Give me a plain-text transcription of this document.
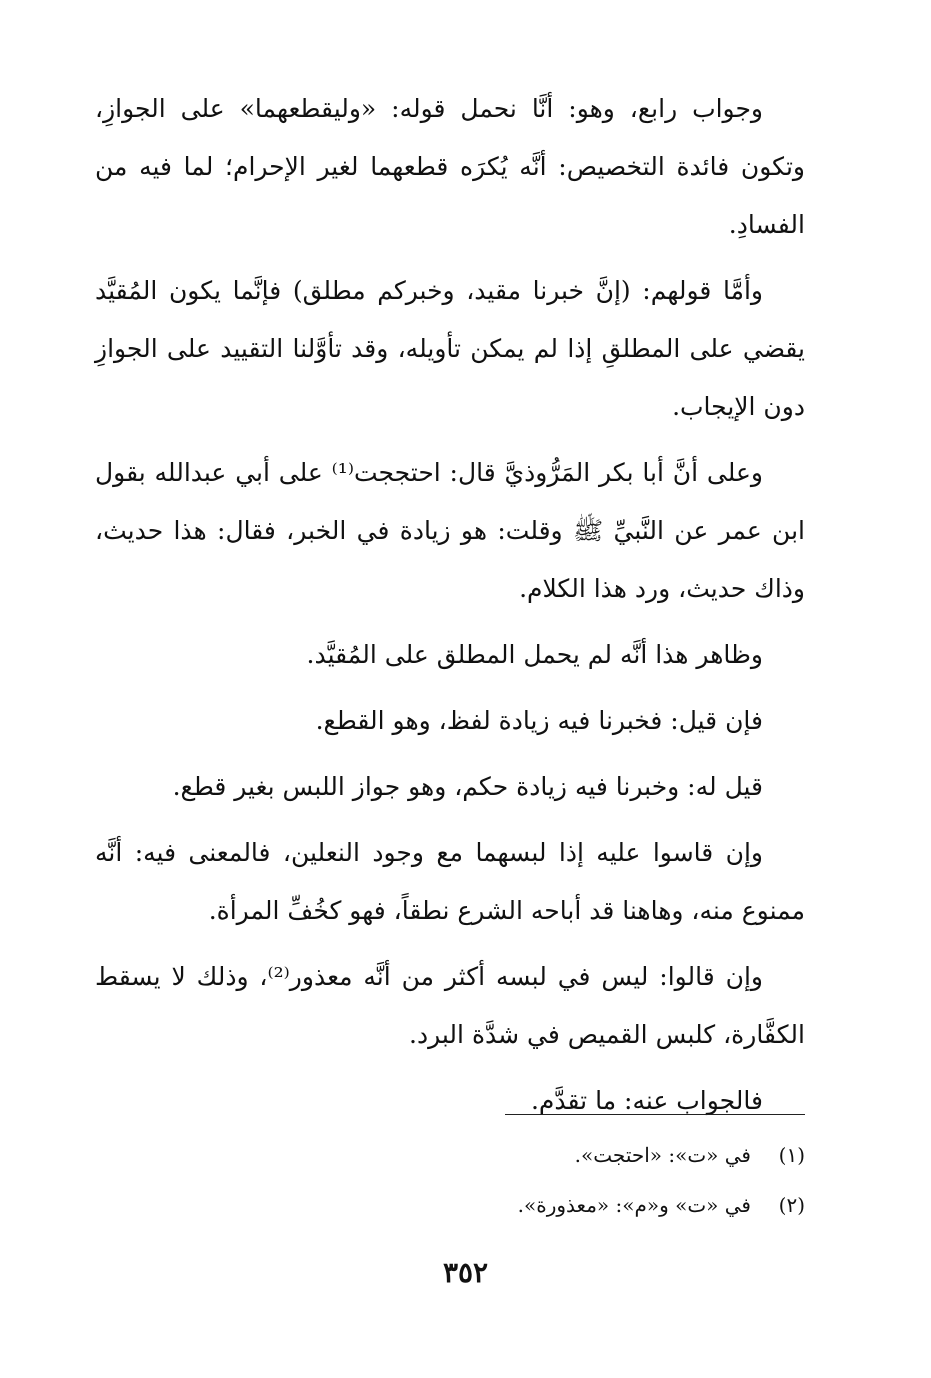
وجواب رابع، وهو: أنَّا نحمل قوله: «وليقطعهما» على الجوازِ، وتكون فائدة التخصيص: أنَّه يُكرَه قطعهما لغير الإحرام؛ لما فيه من الفسادِ.

وأمَّا قولهم: (إنَّ خبرنا مقيد، وخبركم مطلق) فإنَّما يكون المُقيَّد يقضي على المطلقِ إذا لم يمكن تأويله، وقد تأوَّلنا التقييد على الجوازِ دون الإيجاب.

وعلى أنَّ أبا بكر المَرُّوذيَّ قال: احتججت⁽¹⁾ على أبي عبدالله بقول ابن عمر عن النَّبيِّ ﷺ وقلت: هو زيادة في الخبر، فقال: هذا حديث، وذاك حديث، ورد هذا الكلام.

وظاهر هذا أنَّه لم يحمل المطلق على المُقيَّد.

فإن قيل: فخبرنا فيه زيادة لفظ، وهو القطع.

قيل له: وخبرنا فيه زيادة حكم، وهو جواز اللبس بغير قطع.

وإن قاسوا عليه إذا لبسهما مع وجود النعلين، فالمعنى فيه: أنَّه ممنوع منه، وهاهنا قد أباحه الشرع نطقاً، فهو كخُفِّ المرأة.

وإن قالوا: ليس في لبسه أكثر من أنَّه معذور⁽²⁾، وذلك لا يسقط الكفَّارة، كلبس القميص في شدَّة البرد.

فالجواب عنه: ما تقدَّم.

(١)
في «ت»: «احتجت».
(٢)
في «ت» و«م»: «معذورة».
٣٥٢
